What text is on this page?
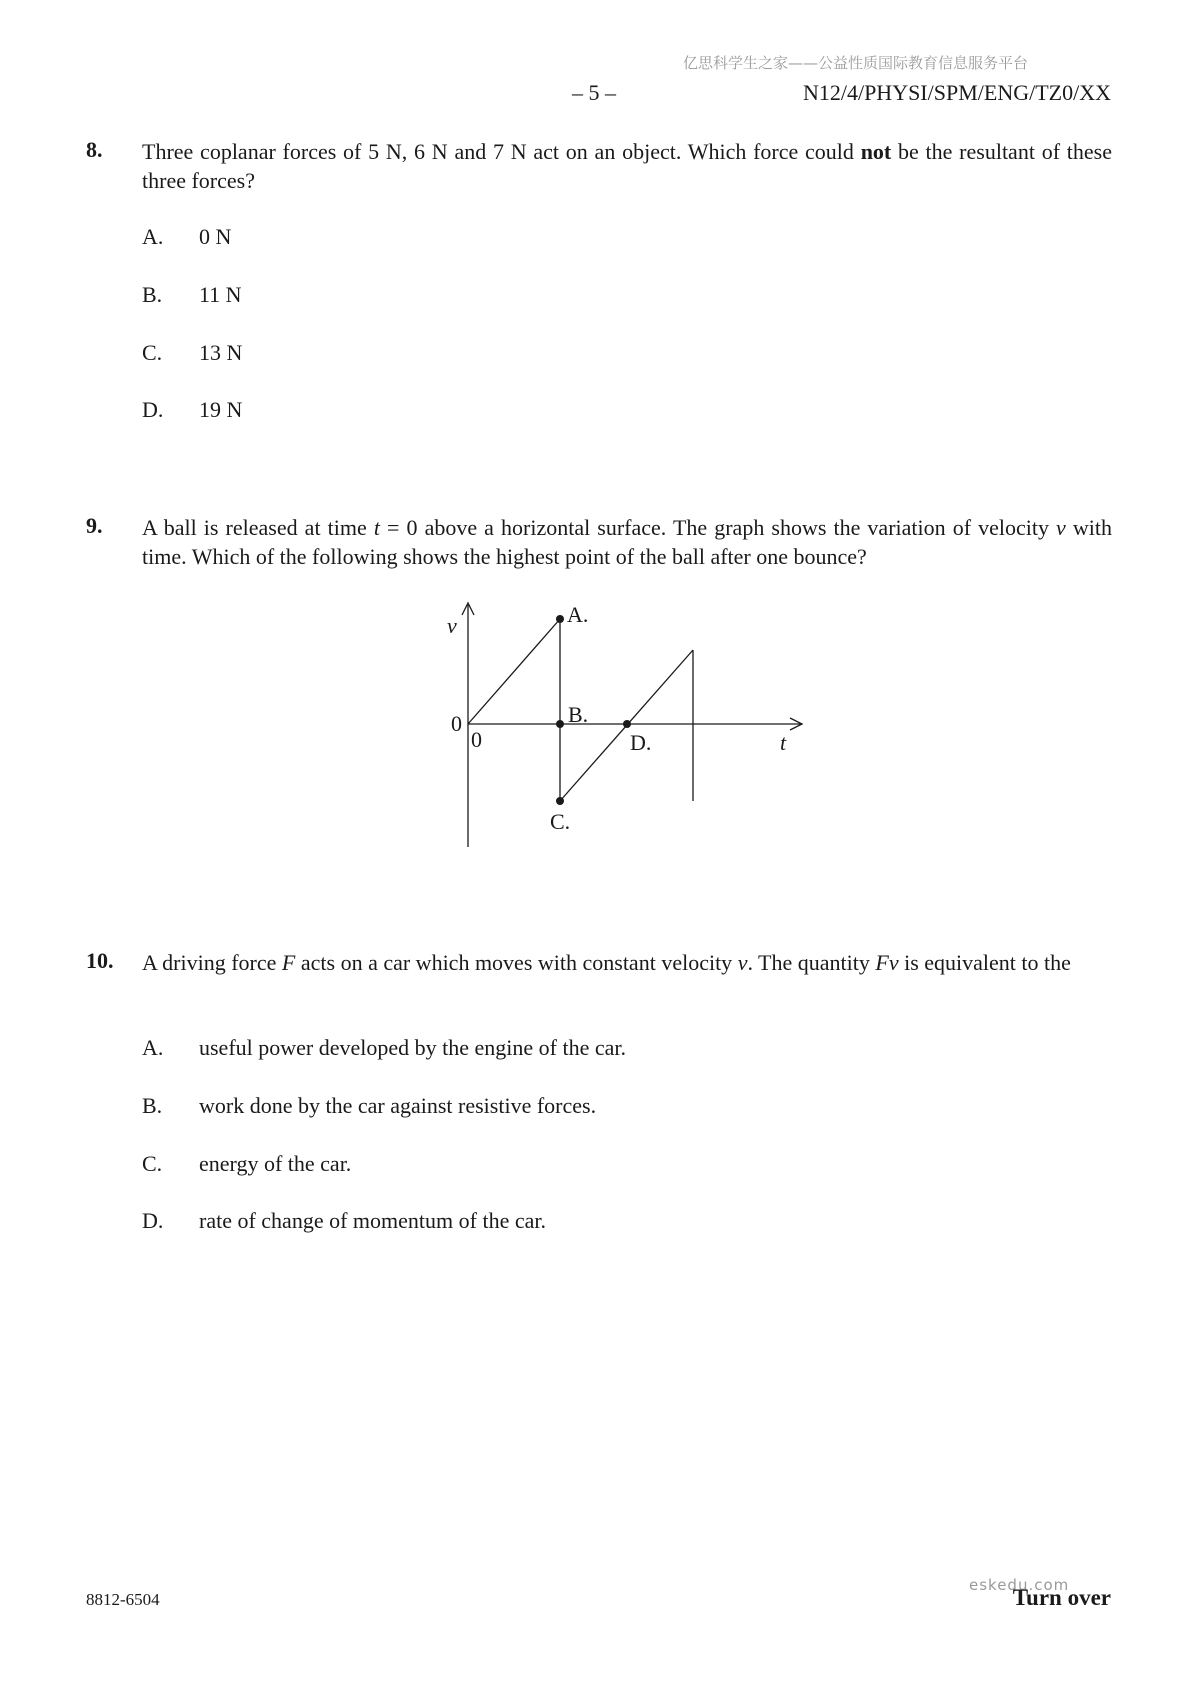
亿思科学生之家——公益性质国际教育信息服务平台
– 5 –	N12/4/PHYSI/SPM/ENG/TZ0/XX
8. Three coplanar forces of 5 N, 6 N and 7 N act on an object. Which force could not be the resultant of these three forces?
A. 0 N
B. 11 N
C. 13 N
D. 19 N
9. A ball is released at time t = 0 above a horizontal surface. The graph shows the variation of velocity v with time. Which of the following shows the highest point of the ball after one bounce?
v
t
0
0
A.
B.
C.
D.
10. A driving force F acts on a car which moves with constant velocity v. The quantity Fv is equivalent to the
A. useful power developed by the engine of the car.
B. work done by the car against resistive forces.
C. energy of the car.
D. rate of change of momentum of the car.
8812-6504
eskedu.com
Turn over
